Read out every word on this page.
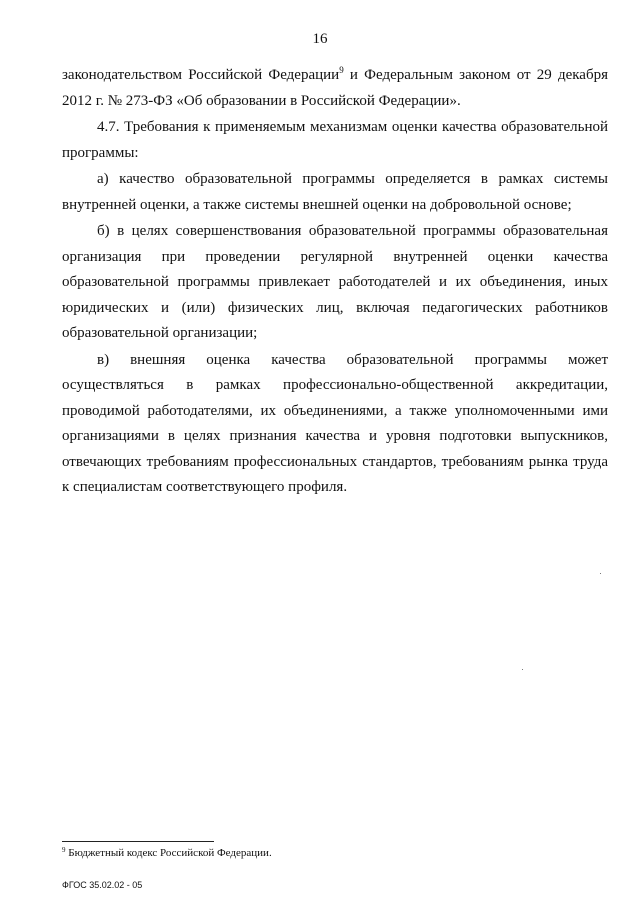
16

законодательством Российской Федерации$^9$ и Федеральным законом от 29 декабря 2012 г. № 273-ФЗ «Об образовании в Российской Федерации».

4.7. Требования к применяемым механизмам оценки качества образовательной программы:

а) качество образовательной программы определяется в рамках системы внутренней оценки, а также системы внешней оценки на добровольной основе;

б) в целях совершенствования образовательной программы образовательная организация при проведении регулярной внутренней оценки качества образовательной программы привлекает работодателей и их объединения, иных юридических и (или) физических лиц, включая педагогических работников образовательной организации;

в) внешняя оценка качества образовательной программы может осуществляться в рамках профессионально-общественной аккредитации, проводимой работодателями, их объединениями, а также уполномоченными ими организациями в целях признания качества и уровня подготовки выпускников, отвечающих требованиям профессиональных стандартов, требованиям рынка труда к специалистам соответствующего профиля.

$^9$ Бюджетный кодекс Российской Федерации.
ФГОС 35.02.02 - 05
